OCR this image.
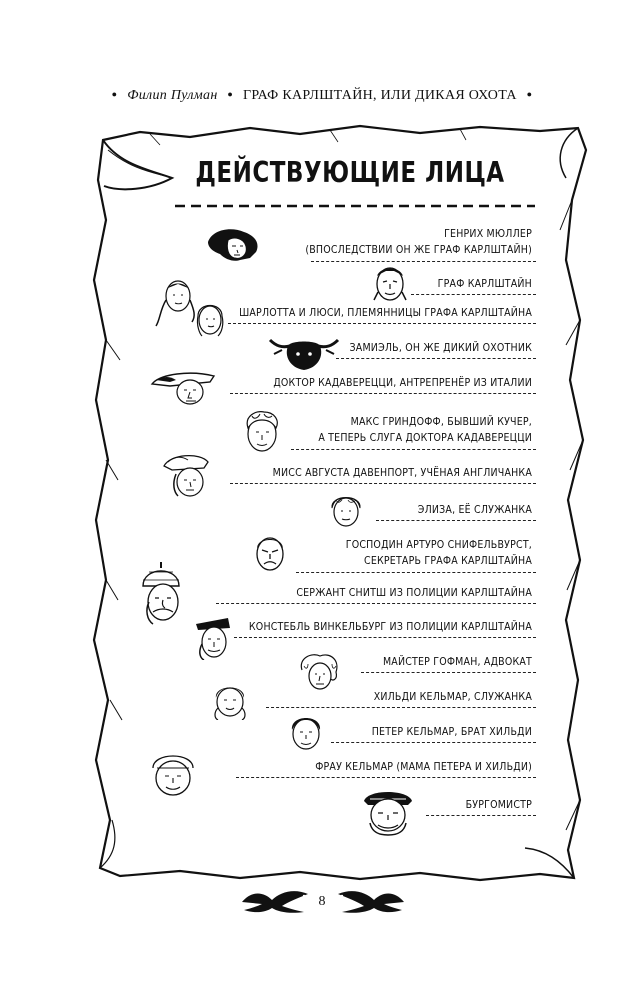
● Филип Пулман ● ГРАФ КАРЛШТАЙН, ИЛИ ДИКАЯ ОХОТА ●
ДЕЙСТВУЮЩИЕ ЛИЦА
ГЕНРИХ МЮЛЛЕР
(ВПОСЛЕДСТВИИ ОН ЖЕ ГРАФ КАРЛШТАЙН)
ГРАФ КАРЛШТАЙН
ШАРЛОТТА И ЛЮСИ, ПЛЕМЯННИЦЫ ГРАФА КАРЛШТАЙНА
ЗАМИЭЛЬ, ОН ЖЕ ДИКИЙ ОХОТНИК
ДОКТОР КАДАВЕРЕЦЦИ, АНТРЕПРЕНЁР ИЗ ИТАЛИИ
МАКС ГРИНДОФФ, БЫВШИЙ КУЧЕР,
А ТЕПЕРЬ СЛУГА ДОКТОРА КАДАВЕРЕЦЦИ
МИСС АВГУСТА ДАВЕНПОРТ, УЧЁНАЯ АНГЛИЧАНКА
ЭЛИЗА, ЕЁ СЛУЖАНКА
ГОСПОДИН АРТУРО СНИФЕЛЬВУРСТ,
СЕКРЕТАРЬ ГРАФА КАРЛШТАЙНА
СЕРЖАНТ СНИТШ ИЗ ПОЛИЦИИ КАРЛШТАЙНА
КОНСТЕБЛЬ ВИНКЕЛЬБУРГ ИЗ ПОЛИЦИИ КАРЛШТАЙНА
МАЙСТЕР ГОФМАН, АДВОКАТ
ХИЛЬДИ КЕЛЬМАР, СЛУЖАНКА
ПЕТЕР КЕЛЬМАР, БРАТ ХИЛЬДИ
ФРАУ КЕЛЬМАР (МАМА ПЕТЕРА И ХИЛЬДИ)
БУРГОМИСТР
8
